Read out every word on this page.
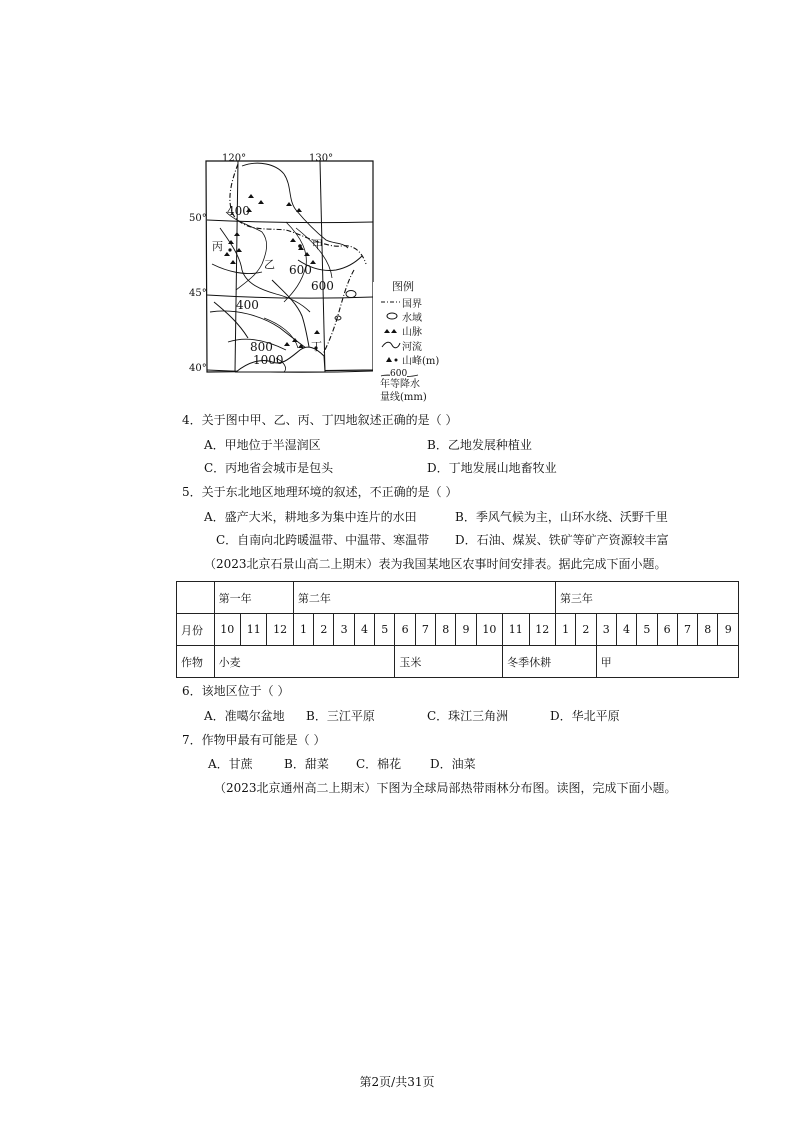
120°	130°
50°
45°
40°
400
600
600
400
800
1000
甲
乙
丙
丁
图例
国界
水域
山脉
河流
山峰(m)
600
年等降水
量线(mm)
4．关于图中甲、乙、丙、丁四地叙述正确的是（ ）
A．甲地位于半湿润区	B．乙地发展种植业
C．丙地省会城市是包头	D．丁地发展山地畜牧业
5．关于东北地区地理环境的叙述，不正确的是（ ）
A．盛产大米，耕地多为集中连片的水田	B．季风气候为主，山环水绕、沃野千里
C．自南向北跨暖温带、中温带、寒温带 D．石油、煤炭、铁矿等矿产资源较丰富
（2023北京石景山高二上期末）表为我国某地区农事时间安排表。据此完成下面小题。
	第一年			第二年												第三年								
月份	10	11	12	1	2	3	4	5	6	7	8	9	10	11	12	1	2	3	4	5	6	7	8	9
作物	小麦								玉米					冬季休耕				甲						
6．该地区位于（ ）
A．准噶尔盆地 B．三江平原	C．珠江三角洲	D．华北平原
7．作物甲最有可能是（ ）
A．甘蔗	B．甜菜 C．棉花 D．油菜
（2023北京通州高二上期末）下图为全球局部热带雨林分布图。读图，完成下面小题。
第2页/共31页
